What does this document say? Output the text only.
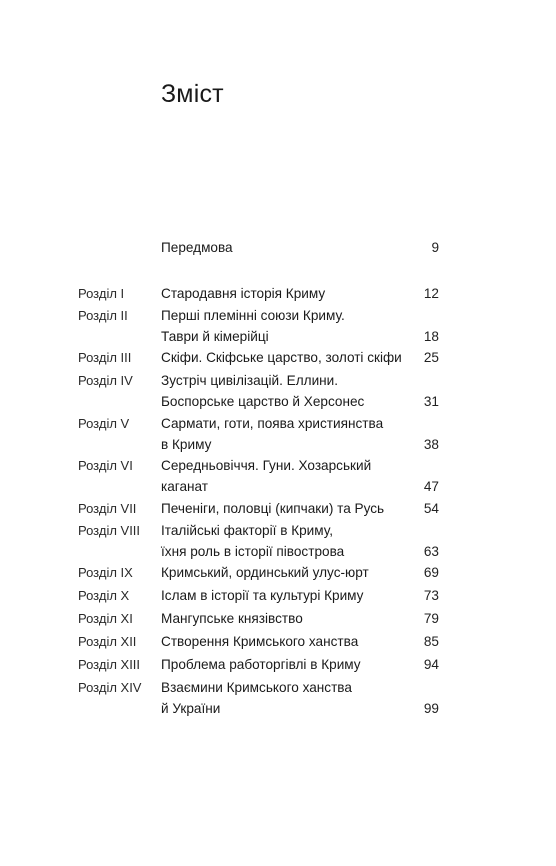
Зміст
Передмова	9
Розділ I	Стародавня історія Криму	12
Розділ II Перші племінні союзи Криму.
Таври й кімерійці	18
Розділ III Скіфи. Скіфське царство, золоті скіфи	25
Розділ IV Зустріч цивілізацій. Еллини.
Боспорське царство й Херсонес	31
Розділ V Сармати, готи, поява християнства
в Криму	38
Розділ VI Середньовіччя. Гуни. Хозарський
каганат	47
Розділ VII Печеніги, половці (кипчаки) та Русь	54
Розділ VIII Італійські факторії в Криму,
їхня роль в історії півострова	63
Розділ IX Кримський, ординський улус-юрт	69
Розділ X Іслам в історії та культурі Криму	73
Розділ XI Мангупське князівство	79
Розділ XII Створення Кримського ханства	85
Розділ XIII Проблема работоргівлі в Криму	94
Розділ XIV Взаємини Кримського ханства
й України	99
